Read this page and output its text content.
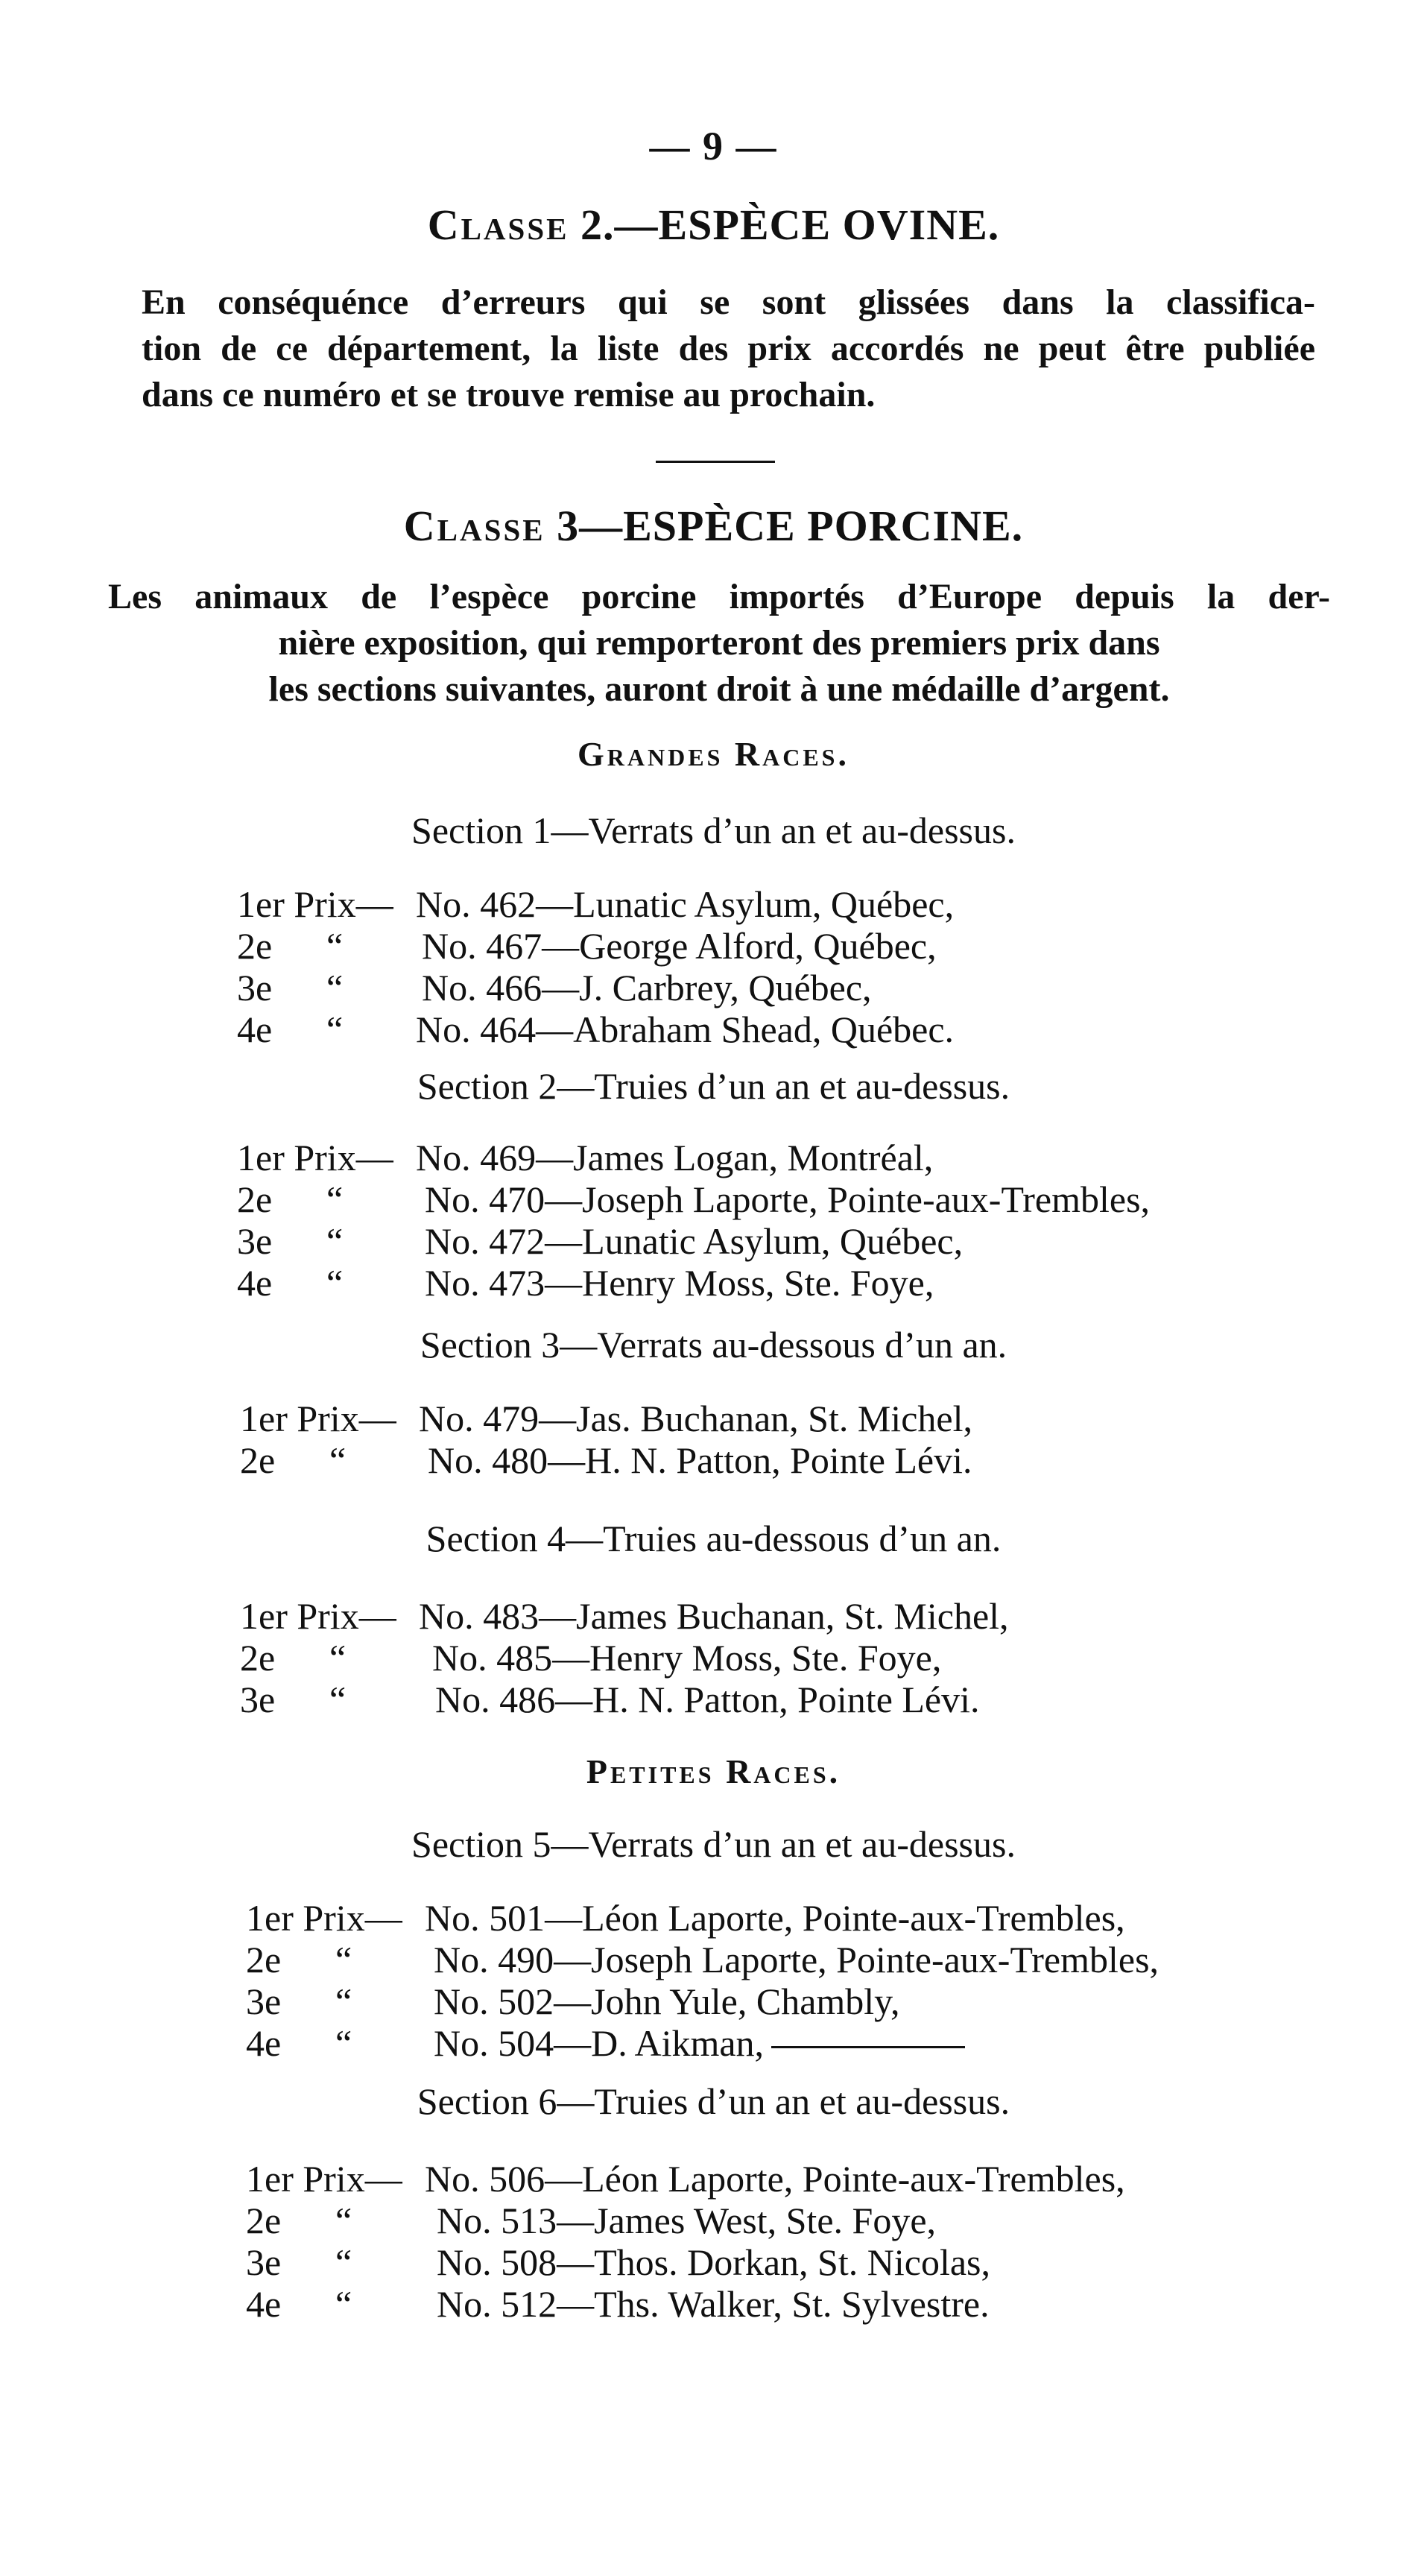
— 9 —
Classe 2.—ESPÈCE OVINE.
En conséquénce d’erreurs qui se sont glissées dans la classifica-
tion de ce département, la liste des prix accordés ne peut être publiée
dans ce numéro et se trouve remise au prochain.
Classe 3—ESPÈCE PORCINE.
Les animaux de l’espèce porcine importés d’Europe depuis la der-
nière exposition, qui remporteront des premiers prix dans
les sections suivantes, auront droit à une médaille d’argent.
Grandes Races.
Section 1—Verrats d’un an et au-dessus.
1er Prix— No. 462—Lunatic Asylum, Québec,
2e “ No. 467—George Alford, Québec,
3e “ No. 466—J. Carbrey, Québec,
4e “ No. 464—Abraham Shead, Québec.
Section 2—Truies d’un an et au-dessus.
1er Prix— No. 469—James Logan, Montréal,
2e “ No. 470—Joseph Laporte, Pointe-aux-Trembles,
3e “ No. 472—Lunatic Asylum, Québec,
4e “ No. 473—Henry Moss, Ste. Foye,
Section 3—Verrats au-dessous d’un an.
1er Prix— No. 479—Jas. Buchanan, St. Michel,
2e “ No. 480—H. N. Patton, Pointe Lévi.
Section 4—Truies au-dessous d’un an.
1er Prix— No. 483—James Buchanan, St. Michel,
2e “ No. 485—Henry Moss, Ste. Foye,
3e “ No. 486—H. N. Patton, Pointe Lévi.
Petites Races.
Section 5—Verrats d’un an et au-dessus.
1er Prix— No. 501—Léon Laporte, Pointe-aux-Trembles,
2e “ No. 490—Joseph Laporte, Pointe-aux-Trembles,
3e “ No. 502—John Yule, Chambly,
4e “ No. 504—D. Aikman,
Section 6—Truies d’un an et au-dessus.
1er Prix— No. 506—Léon Laporte, Pointe-aux-Trembles,
2e “ No. 513—James West, Ste. Foye,
3e “ No. 508—Thos. Dorkan, St. Nicolas,
4e “ No. 512—Ths. Walker, St. Sylvestre.
